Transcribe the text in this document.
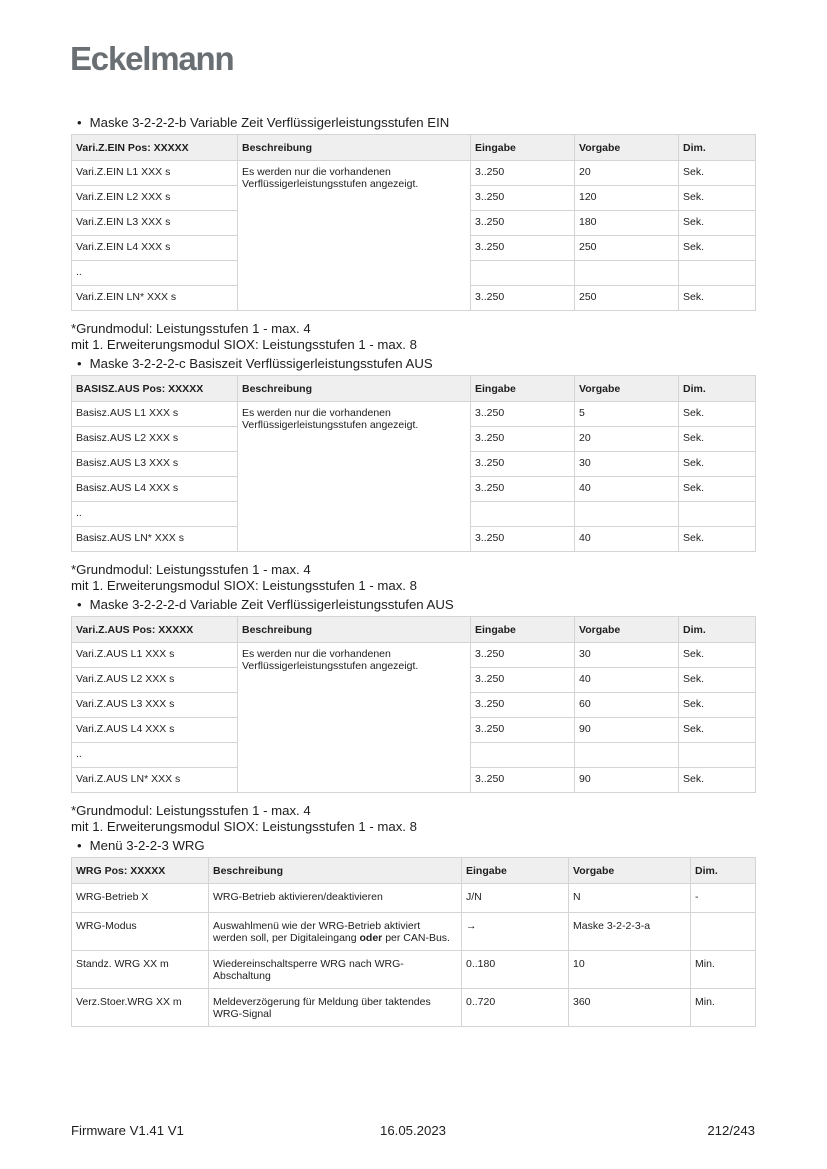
Eckelmann
• Maske 3-2-2-2-b Variable Zeit Verflüssigerleistungsstufen EIN
Vari.Z.EIN Pos: XXXXX	Beschreibung	Eingabe	Vorgabe	Dim.
Vari.Z.EIN L1 XXX s	Es werden nur die vorhandenen Verflüssigerleistungsstufen angezeigt.	3..250	20	Sek.
Vari.Z.EIN L2 XXX s		3..250	120	Sek.
Vari.Z.EIN L3 XXX s		3..250	180	Sek.
Vari.Z.EIN L4 XXX s		3..250	250	Sek.
..				
Vari.Z.EIN LN* XXX s		3..250	250	Sek.
*Grundmodul: Leistungsstufen 1 - max. 4
mit 1. Erweiterungsmodul SIOX: Leistungsstufen 1 - max. 8
• Maske 3-2-2-2-c Basiszeit Verflüssigerleistungsstufen AUS
BASISZ.AUS Pos: XXXXX	Beschreibung	Eingabe	Vorgabe	Dim.
Basisz.AUS L1 XXX s	Es werden nur die vorhandenen Verflüssigerleistungsstufen angezeigt.	3..250	5	Sek.
Basisz.AUS L2 XXX s		3..250	20	Sek.
Basisz.AUS L3 XXX s		3..250	30	Sek.
Basisz.AUS L4 XXX s		3..250	40	Sek.
..				
Basisz.AUS LN* XXX s		3..250	40	Sek.
*Grundmodul: Leistungsstufen 1 - max. 4
mit 1. Erweiterungsmodul SIOX: Leistungsstufen 1 - max. 8
• Maske 3-2-2-2-d Variable Zeit Verflüssigerleistungsstufen AUS
Vari.Z.AUS Pos: XXXXX	Beschreibung	Eingabe	Vorgabe	Dim.
Vari.Z.AUS L1 XXX s	Es werden nur die vorhandenen Verflüssigerleistungsstufen angezeigt.	3..250	30	Sek.
Vari.Z.AUS L2 XXX s		3..250	40	Sek.
Vari.Z.AUS L3 XXX s		3..250	60	Sek.
Vari.Z.AUS L4 XXX s		3..250	90	Sek.
..				
Vari.Z.AUS LN* XXX s		3..250	90	Sek.
*Grundmodul: Leistungsstufen 1 - max. 4
mit 1. Erweiterungsmodul SIOX: Leistungsstufen 1 - max. 8
• Menü 3-2-2-3 WRG
WRG Pos: XXXXX	Beschreibung	Eingabe	Vorgabe	Dim.
WRG-Betrieb X	WRG-Betrieb aktivieren/deaktivieren	J/N	N	-
WRG-Modus	Auswahlmenü wie der WRG-Betrieb aktiviert werden soll, per Digitaleingang oder per CAN-Bus.	→	Maske 3-2-2-3-a	
Standz. WRG XX m	Wiedereinschaltsperre WRG nach WRG-Abschaltung	0..180	10	Min.
Verz.Stoer.WRG XX m	Meldeverzögerung für Meldung über taktendes WRG-Signal	0..720	360	Min.
Firmware V1.41 V1	16.05.2023	212/243
